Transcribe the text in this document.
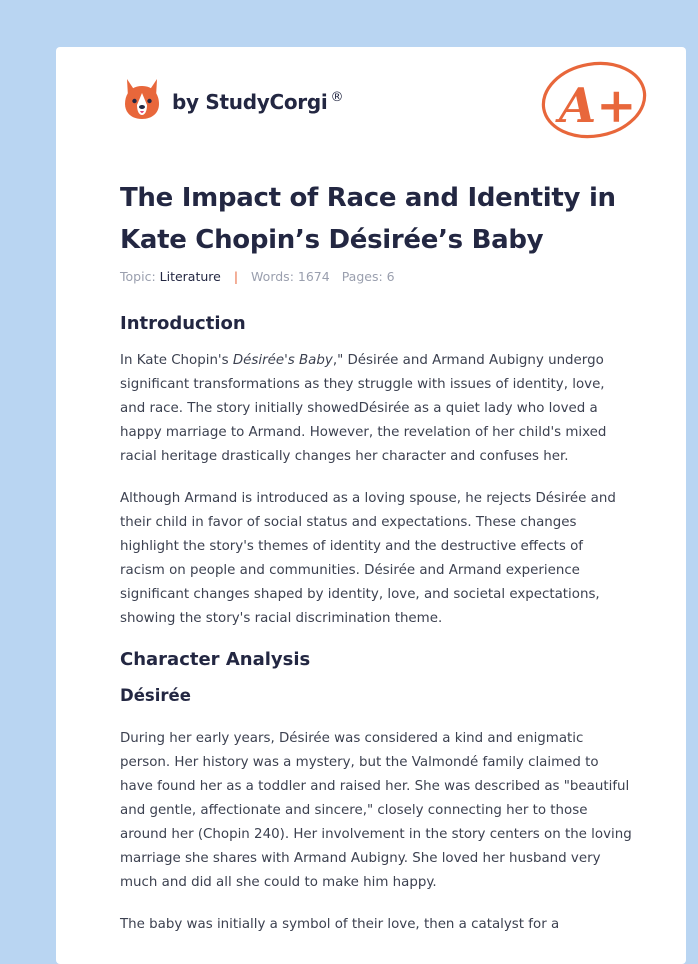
by StudyCorgi ®	A+
The Impact of Race and Identity in Kate Chopin’s Désirée’s Baby
Topic: Literature | Words: 1674 Pages: 6
Introduction

In Kate Chopin's Désirée's Baby," Désirée and Armand Aubigny undergo significant transformations as they struggle with issues of identity, love, and race. The story initially showedDésirée as a quiet lady who loved a happy marriage to Armand. However, the revelation of her child's mixed racial heritage drastically changes her character and confuses her.

Although Armand is introduced as a loving spouse, he rejects Désirée and their child in favor of social status and expectations. These changes highlight the story's themes of identity and the destructive effects of racism on people and communities. Désirée and Armand experience significant changes shaped by identity, love, and societal expectations, showing the story's racial discrimination theme.

Character Analysis
Désirée

During her early years, Désirée was considered a kind and enigmatic person. Her history was a mystery, but the Valmondé family claimed to have found her as a toddler and raised her. She was described as "beautiful and gentle, affectionate and sincere," closely connecting her to those around her (Chopin 240). Her involvement in the story centers on the loving marriage she shares with Armand Aubigny. She loved her husband very much and did all she could to make him happy.

The baby was initially a symbol of their love, then a catalyst for a
